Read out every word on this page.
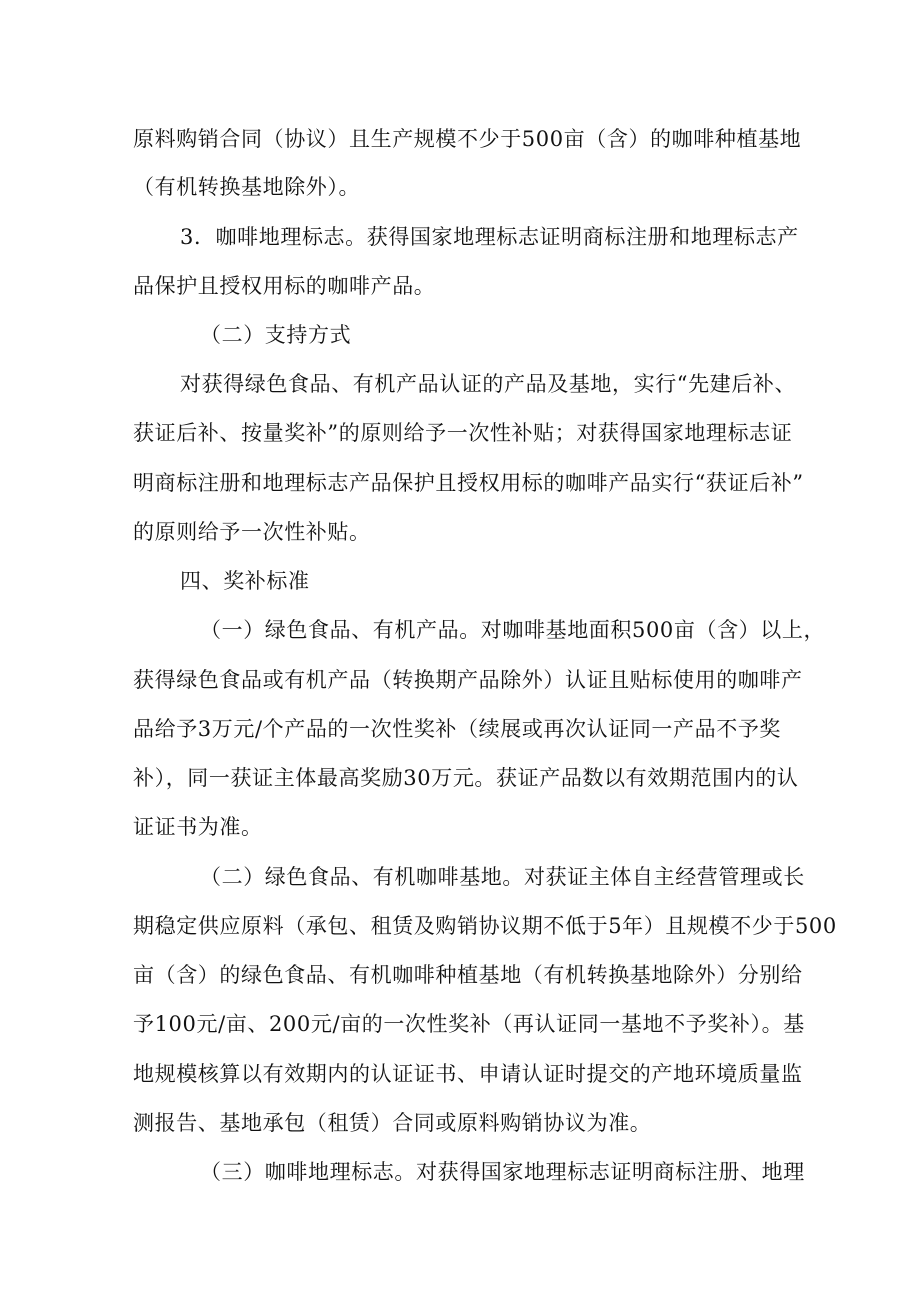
原料购销合同（协议）且生产规模不少于500亩（含）的咖啡种植基地
（有机转换基地除外）。
3．咖啡地理标志。获得国家地理标志证明商标注册和地理标志产
品保护且授权用标的咖啡产品。
（二）支持方式
对获得绿色食品、有机产品认证的产品及基地，实行“先建后补、
获证后补、按量奖补”的原则给予一次性补贴；对获得国家地理标志证
明商标注册和地理标志产品保护且授权用标的咖啡产品实行“获证后补”
的原则给予一次性补贴。
四、奖补标准
（一）绿色食品、有机产品。对咖啡基地面积500亩（含）以上，
获得绿色食品或有机产品（转换期产品除外）认证且贴标使用的咖啡产
品给予3万元/个产品的一次性奖补（续展或再次认证同一产品不予奖
补），同一获证主体最高奖励30万元。获证产品数以有效期范围内的认
证证书为准。
（二）绿色食品、有机咖啡基地。对获证主体自主经营管理或长
期稳定供应原料（承包、租赁及购销协议期不低于5年）且规模不少于500
亩（含）的绿色食品、有机咖啡种植基地（有机转换基地除外）分别给
予100元/亩、200元/亩的一次性奖补（再认证同一基地不予奖补）。基
地规模核算以有效期内的认证证书、申请认证时提交的产地环境质量监
测报告、基地承包（租赁）合同或原料购销协议为准。
（三）咖啡地理标志。对获得国家地理标志证明商标注册、地理
